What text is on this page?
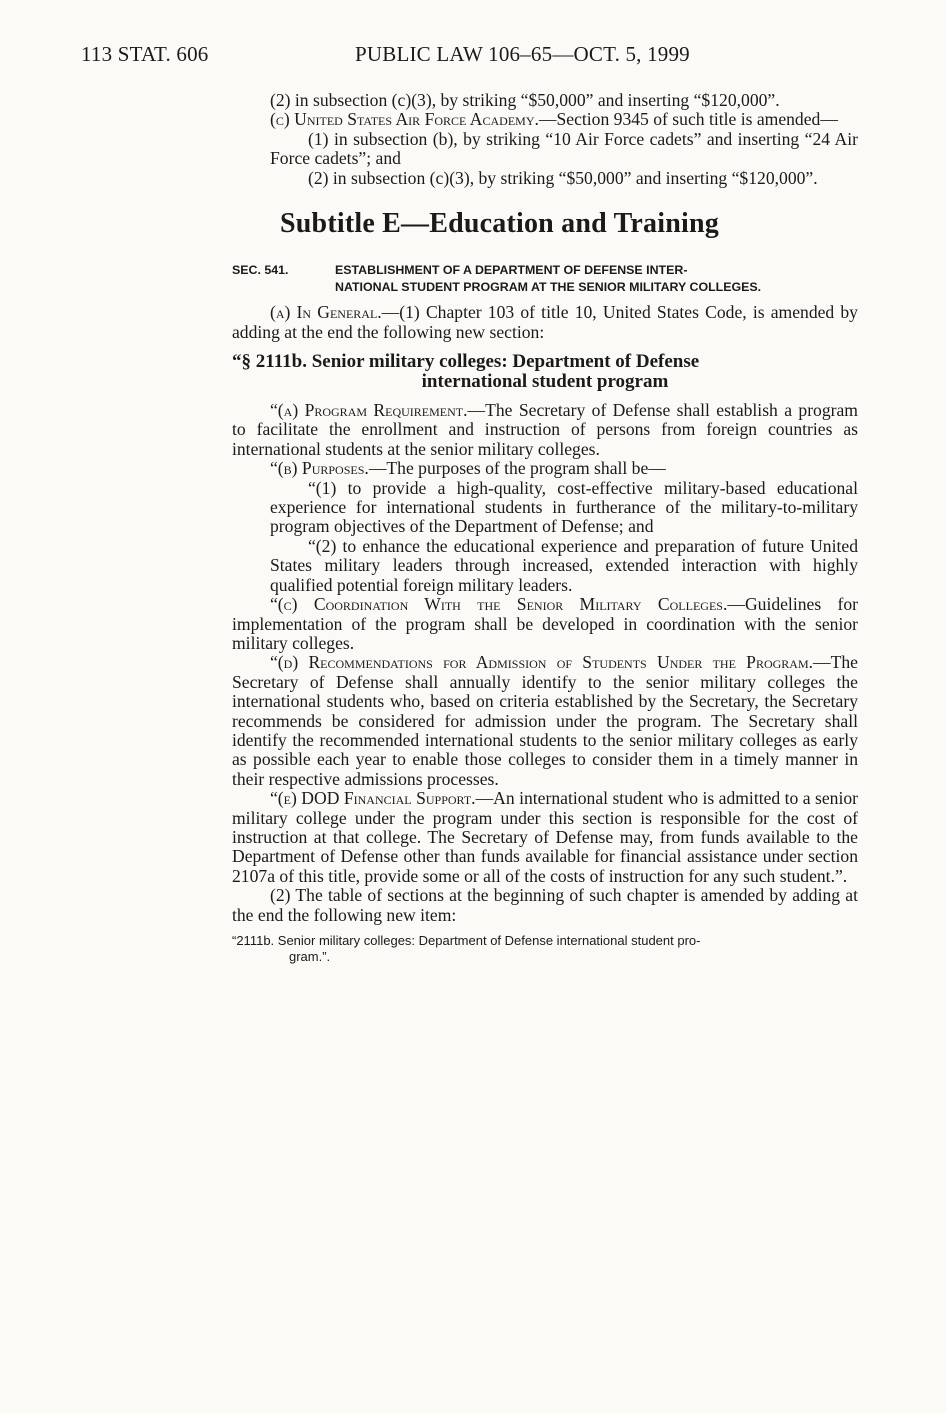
113 STAT. 606	PUBLIC LAW 106–65—OCT. 5, 1999

(2) in subsection (c)(3), by striking “$50,000” and inserting “$120,000”.

(c) United States Air Force Academy.—Section 9345 of such title is amended—

(1) in subsection (b), by striking “10 Air Force cadets” and inserting “24 Air Force cadets”; and

(2) in subsection (c)(3), by striking “$50,000” and inserting “$120,000”.

Subtitle E—Education and Training

SEC. 541.	ESTABLISHMENT OF A DEPARTMENT OF DEFENSE INTER-

NATIONAL STUDENT PROGRAM AT THE SENIOR MILITARY COLLEGES.

(a) In General.—(1) Chapter 103 of title 10, United States Code, is amended by adding at the end the following new section:

“§ 2111b. Senior military colleges: Department of Defense
international student program

“(a) Program Requirement.—The Secretary of Defense shall establish a program to facilitate the enrollment and instruction of persons from foreign countries as international students at the senior military colleges.

“(b) Purposes.—The purposes of the program shall be—

“(1) to provide a high-quality, cost-effective military-based educational experience for international students in furtherance of the military-to-military program objectives of the Department of Defense; and

“(2) to enhance the educational experience and preparation of future United States military leaders through increased, extended interaction with highly qualified potential foreign military leaders.

“(c) Coordination With the Senior Military Colleges.—Guidelines for implementation of the program shall be developed in coordination with the senior military colleges.

“(d) Recommendations for Admission of Students Under the Program.—The Secretary of Defense shall annually identify to the senior military colleges the international students who, based on criteria established by the Secretary, the Secretary recommends be considered for admission under the program. The Secretary shall identify the recommended international students to the senior military colleges as early as possible each year to enable those colleges to consider them in a timely manner in their respective admissions processes.

“(e) DOD Financial Support.—An international student who is admitted to a senior military college under the program under this section is responsible for the cost of instruction at that college. The Secretary of Defense may, from funds available to the Department of Defense other than funds available for financial assistance under section 2107a of this title, provide some or all of the costs of instruction for any such student.”.

(2) The table of sections at the beginning of such chapter is amended by adding at the end the following new item:

“2111b. Senior military colleges: Department of Defense international student pro-
gram.”.
